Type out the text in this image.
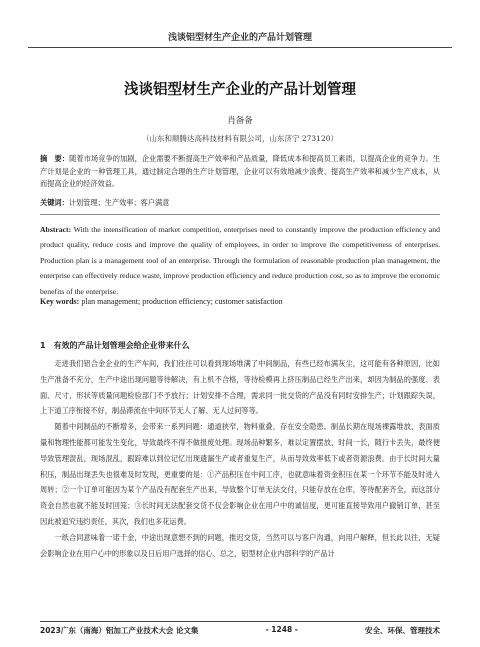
浅谈铝型材生产企业的产品计划管理
浅谈铝型材生产企业的产品计划管理
肖备备
（山东和顺腾达高科技材料有限公司，山东济宁 273120）
摘　要：随着市场竞争的加剧，企业需要不断提高生产效率和产品质量，降低成本和提高员工素质，以提高企业的竞争力。生产计划是企业的一种管理工具，通过制定合理的生产计划管理，企业可以有效地减少浪费、提高生产效率和减少生产成本，从而提高企业的经济效益。
关键词：计划管理；生产效率；客户满意
Abstract: With the intensification of market competition, enterprises need to constantly improve the production efficiency and product quality, reduce costs and improve the quality of employees, in order to improve the competitiveness of enterprises. Production plan is a management tool of an enterprise. Through the formulation of reasonable production plan management, the enterprise can effectively reduce waste, improve production efficiency and reduce production cost, so as to improve the economic benefits of the enterprise.
Key words: plan management; production efficiency; customer satisfaction
1　有效的产品计划管理会给企业带来什么

走进我们铝合金企业的生产车间，我们往往可以看到现场堆满了中间制品，有些已经布满灰尘，这可能有各种原因，比如生产准备不充分，生产中途出现问题等待解决，有上机不合格，等待检模再上挤压制品已经生产出来，却因为制品的强度、表面、尺寸，形状等质量问题检验部门不予放行；计划安排不合理，需求同一批交货的产品没有同时安排生产；计划跟踪失误，上下道工序衔接不好，制品滞流在中间环节无人了解、无人过问等等。

随着中间制品的不断增多，会带来一系列问题：通道狭窄，物料重叠，存在安全隐患。制品长期在现场裸露堆放，表面质量和物理性能都可能发生变化，导致最终不得不做报废处理。现场品种繁多，难以定置摆放，时间一长，随行卡丢失，最终便导致管理混乱，现场混乱，跟踪难以到位记忆出现遗漏生产或者重复生产，从而导致效率低下或者资源浪费。由于长时间大量积压，制品出现丢失也很难及时发现，更重要的是：①产品积压在中间工序，也就意味着资金积压在某一个环节不能及时进入周转；②一个订单可能因为某个产品没有配套生产出来，导致整个订单无法交付，只能存放在仓库，等待配套齐全，而这部分资金自然也就不能及时回笼；③长时间无法配套交货不仅会影响企业在用户中的诚信度，更可能直接导致用户撤销订单，甚至因此被追究违约责任，其次，我们也多花运费。

一纸合同意味着一诺千金，中途出现意想不到的问题，推迟交货，当然可以与客户沟通，向用户解释，但长此以往，无疑会影响企业在用户心中的形象以及日后用户选择的信心、总之，铝型材企业内部科学的产品计

2023广东（南海）铝加工产业技术大会 论文集	- 1248 -	安全、环保、管理技术
